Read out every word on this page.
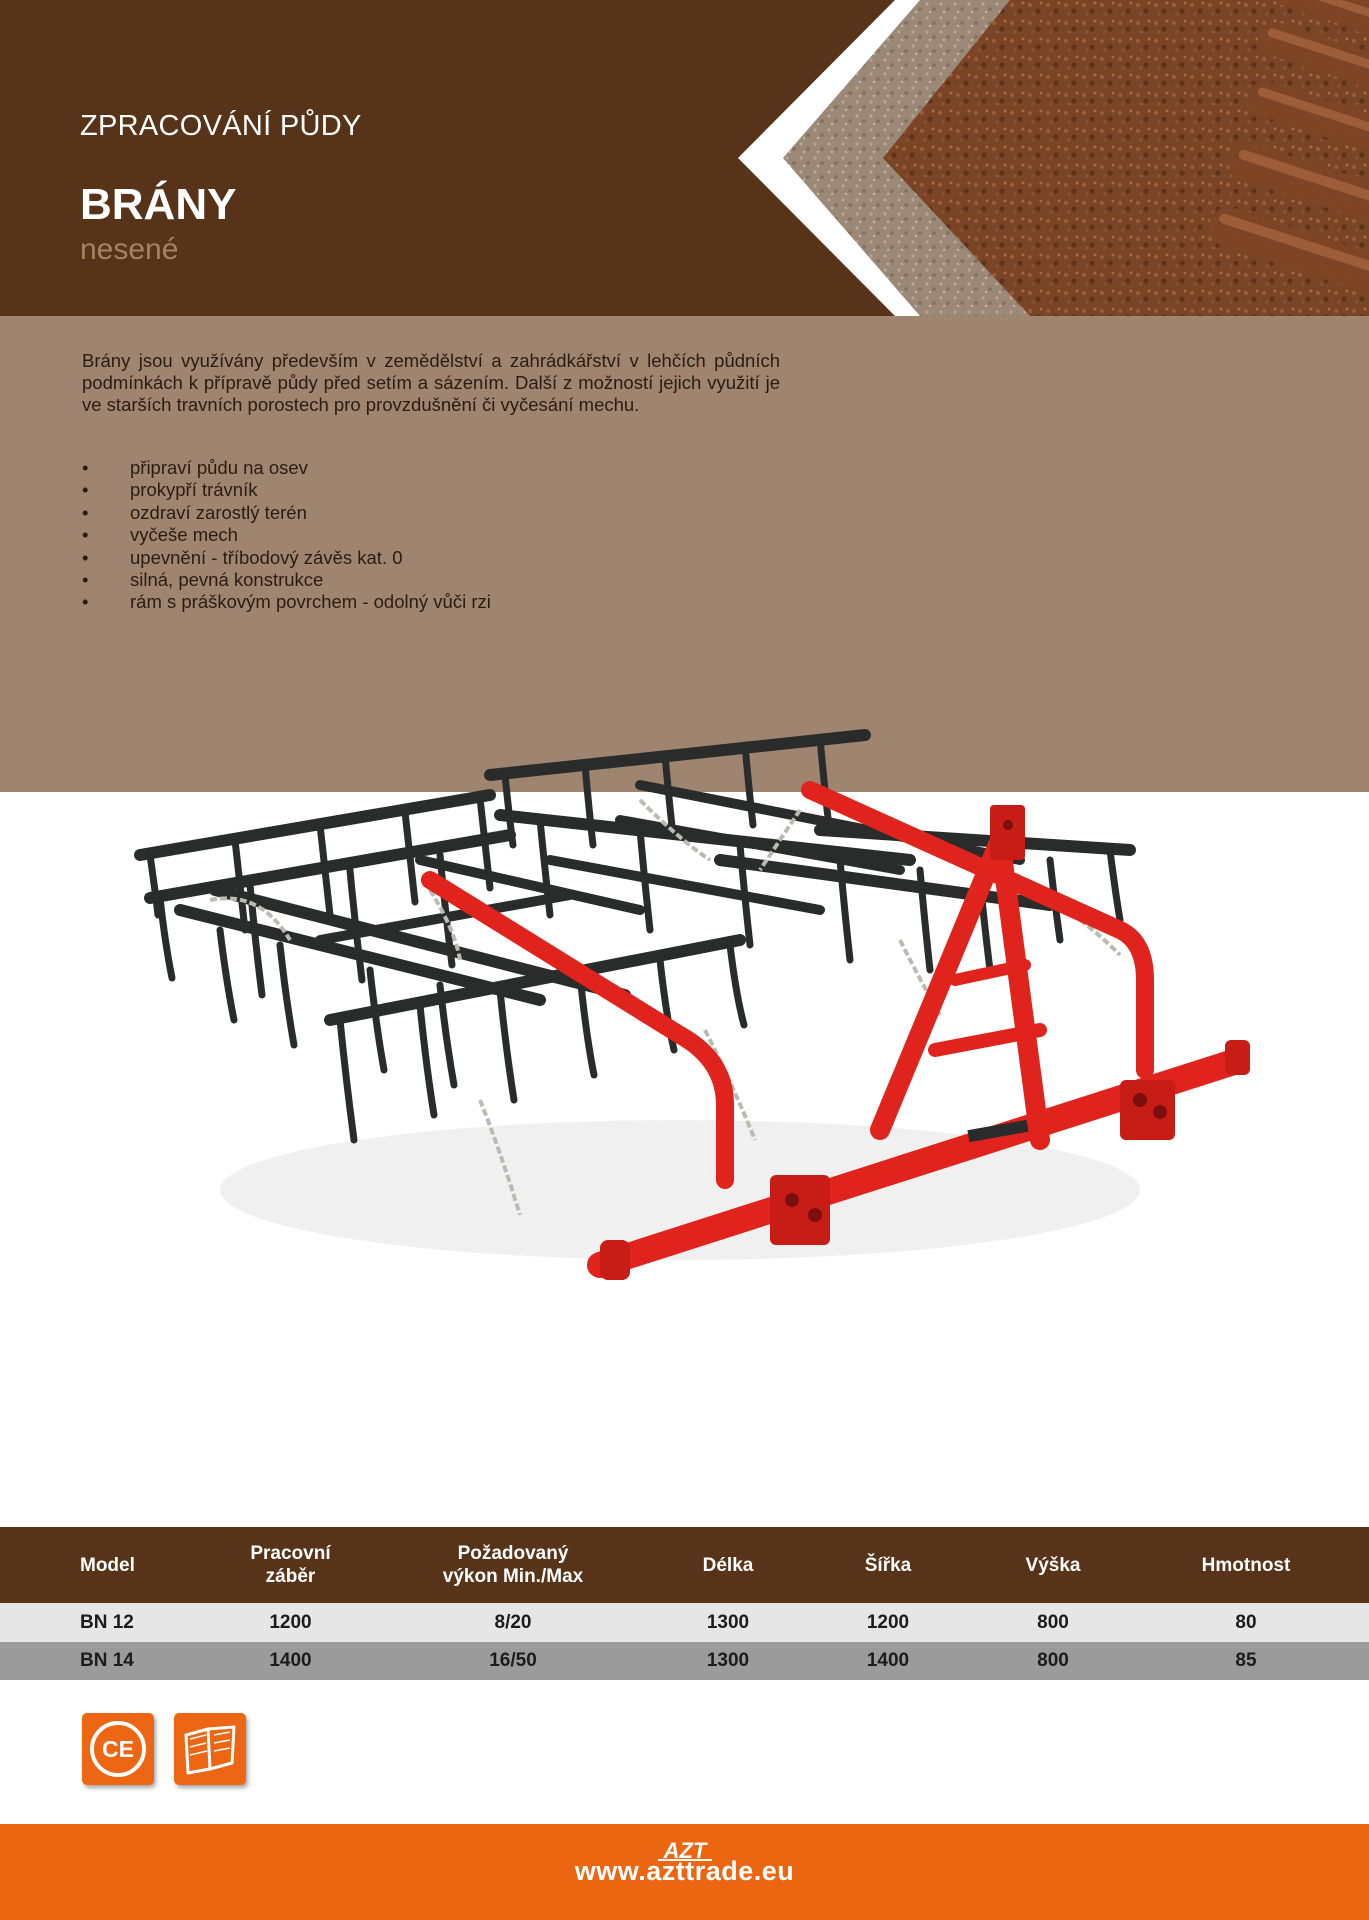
ZPRACOVÁNÍ PŮDY
BRÁNY
nesené

Brány jsou využívány především v zemědělství a zahrádkářství v lehčích půdních podmínkách k přípravě půdy před setím a sázením. Další z možností jejich využití je ve starších travních porostech pro provzdušnění či vyčesání mechu.

• připraví půdu na osev
• prokypří trávník
• ozdraví zarostlý terén
• vyčeše mech
• upevnění - tříbodový závěs kat. 0
• silná, pevná konstrukce
• rám s práškovým povrchem - odolný vůči rzi
Model	Pracovní záběr	Požadovaný výkon Min./Max	Délka	Šířka	Výška	Hmotnost
BN 12	1200	8/20	1300	1200	800	80
BN 14	1400	16/50	1300	1400	800	85
CE
AZT
www.azttrade.eu
